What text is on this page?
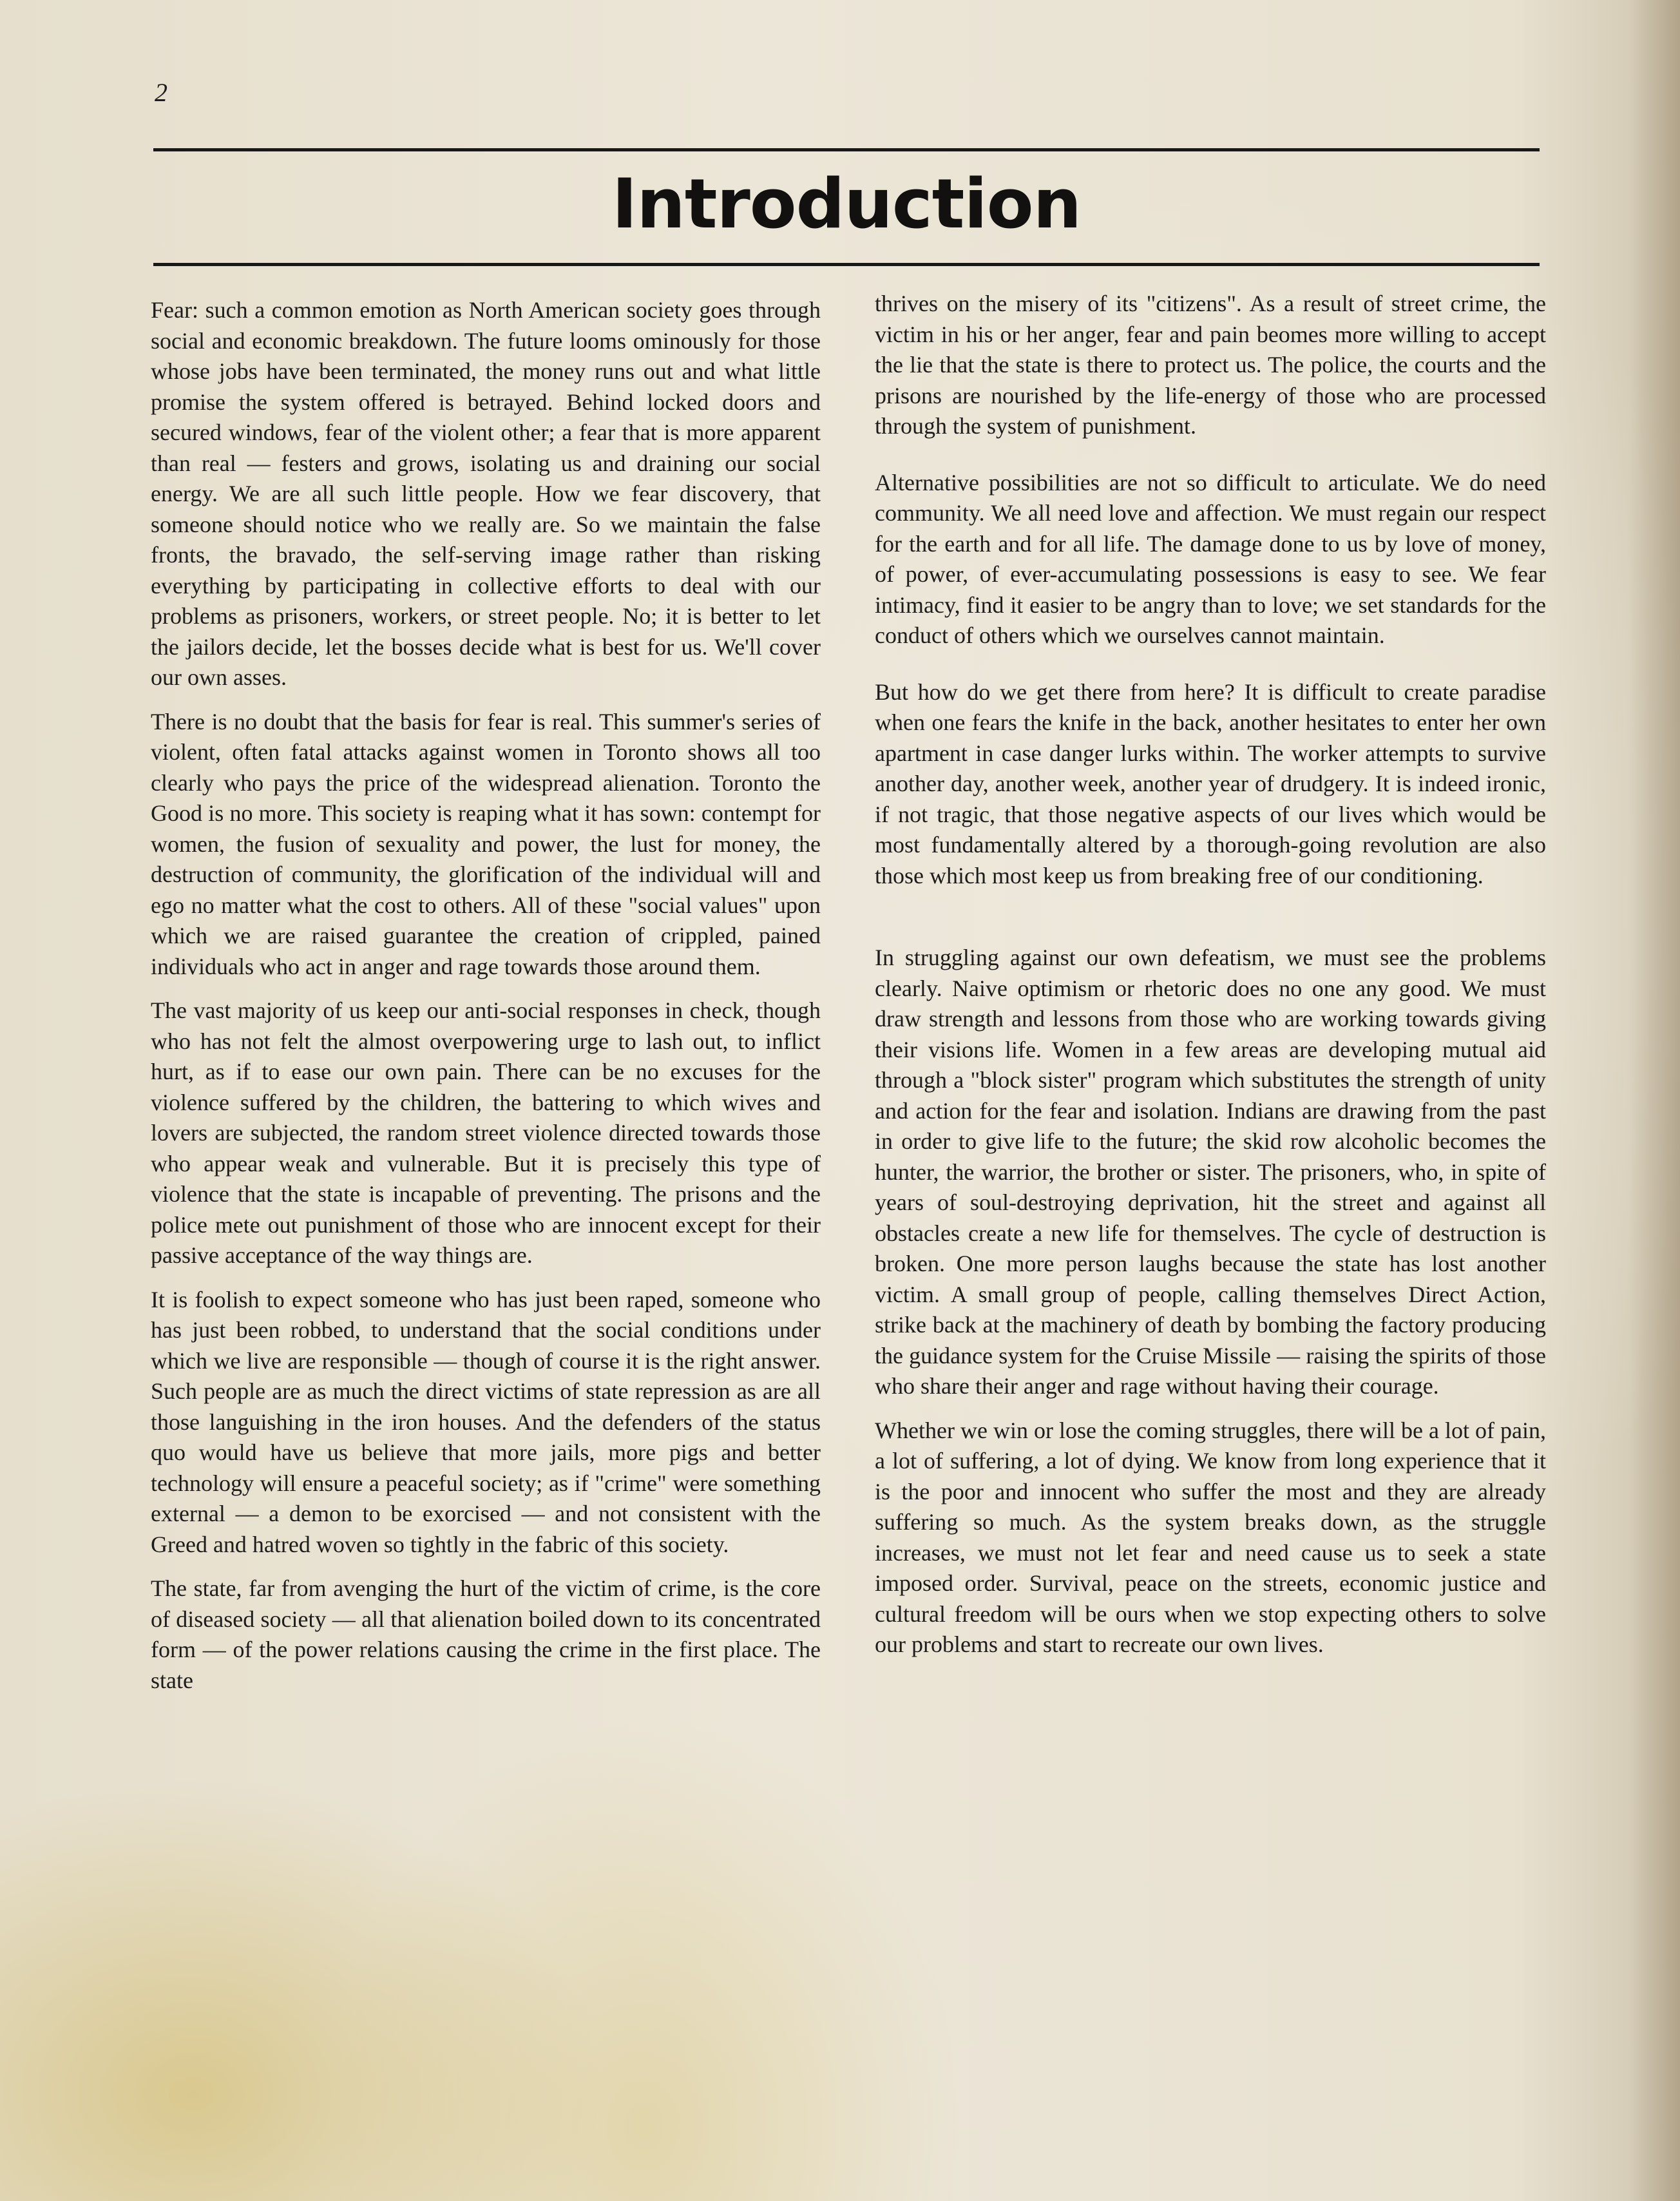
2
Introduction

Fear: such a common emotion as North American society goes through social and economic breakdown. The future looms ominously for those whose jobs have been terminated, the money runs out and what little promise the system offered is betrayed. Behind locked doors and secured windows, fear of the violent other; a fear that is more apparent than real — festers and grows, isolating us and draining our social energy. We are all such little people. How we fear discovery, that someone should notice who we really are. So we maintain the false fronts, the bravado, the self-serving image rather than risking everything by participating in collective efforts to deal with our problems as prisoners, workers, or street people. No; it is better to let the jailors decide, let the bosses decide what is best for us. We'll cover our own asses.

There is no doubt that the basis for fear is real. This summer's series of violent, often fatal attacks against women in Toronto shows all too clearly who pays the price of the widespread alienation. Toronto the Good is no more. This society is reaping what it has sown: contempt for women, the fusion of sexuality and power, the lust for money, the destruction of community, the glorification of the individual will and ego no matter what the cost to others. All of these "social values" upon which we are raised guarantee the creation of crippled, pained individuals who act in anger and rage towards those around them.

The vast majority of us keep our anti-social responses in check, though who has not felt the almost overpowering urge to lash out, to inflict hurt, as if to ease our own pain. There can be no excuses for the violence suffered by the children, the battering to which wives and lovers are subjected, the random street violence directed towards those who appear weak and vulnerable. But it is precisely this type of violence that the state is incapable of preventing. The prisons and the police mete out punishment of those who are innocent except for their passive acceptance of the way things are.

It is foolish to expect someone who has just been raped, someone who has just been robbed, to understand that the social conditions under which we live are responsible — though of course it is the right answer. Such people are as much the direct victims of state repression as are all those languishing in the iron houses. And the defenders of the status quo would have us believe that more jails, more pigs and better technology will ensure a peaceful society; as if "crime" were something external — a demon to be exorcised — and not consistent with the Greed and hatred woven so tightly in the fabric of this society.

The state, far from avenging the hurt of the victim of crime, is the core of diseased society — all that alienation boiled down to its concentrated form — of the power relations causing the crime in the first place. The state

thrives on the misery of its "citizens". As a result of street crime, the victim in his or her anger, fear and pain beomes more willing to accept the lie that the state is there to protect us. The police, the courts and the prisons are nourished by the life-energy of those who are processed through the system of punishment.

Alternative possibilities are not so difficult to articulate. We do need community. We all need love and affection. We must regain our respect for the earth and for all life. The damage done to us by love of money, of power, of ever-accumulating possessions is easy to see. We fear intimacy, find it easier to be angry than to love; we set standards for the conduct of others which we ourselves cannot maintain.

But how do we get there from here? It is difficult to create paradise when one fears the knife in the back, another hesitates to enter her own apartment in case danger lurks within. The worker attempts to survive another day, another week, another year of drudgery. It is indeed ironic, if not tragic, that those negative aspects of our lives which would be most fundamentally altered by a thorough-going revolution are also those which most keep us from breaking free of our conditioning.

In struggling against our own defeatism, we must see the problems clearly. Naive optimism or rhetoric does no one any good. We must draw strength and lessons from those who are working towards giving their visions life. Women in a few areas are developing mutual aid through a "block sister" program which substitutes the strength of unity and action for the fear and isolation. Indians are drawing from the past in order to give life to the future; the skid row alcoholic becomes the hunter, the warrior, the brother or sister. The prisoners, who, in spite of years of soul-destroying deprivation, hit the street and against all obstacles create a new life for themselves. The cycle of destruction is broken. One more person laughs because the state has lost another victim. A small group of people, calling themselves Direct Action, strike back at the machinery of death by bombing the factory producing the guidance system for the Cruise Missile — raising the spirits of those who share their anger and rage without having their courage.

Whether we win or lose the coming struggles, there will be a lot of pain, a lot of suffering, a lot of dying. We know from long experience that it is the poor and innocent who suffer the most and they are already suffering so much. As the system breaks down, as the struggle increases, we must not let fear and need cause us to seek a state imposed order. Survival, peace on the streets, economic justice and cultural freedom will be ours when we stop expecting others to solve our problems and start to recreate our own lives.
